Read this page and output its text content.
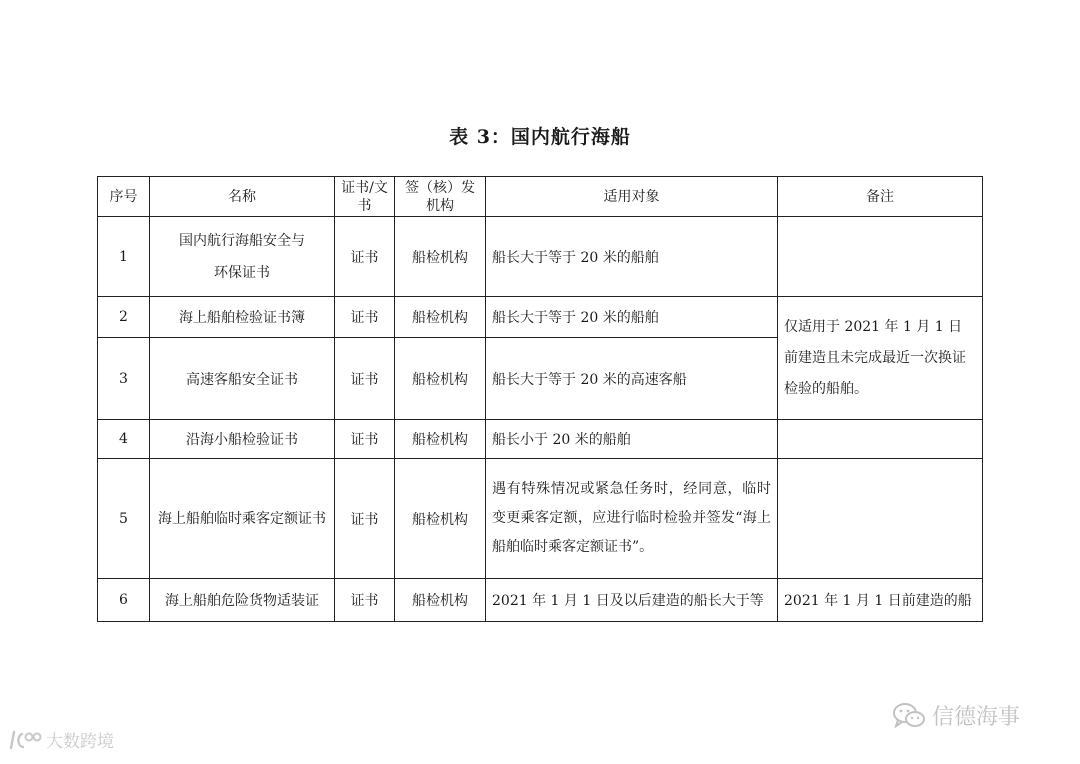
表 3：国内航行海船
序号	名称	证书/文书	签（核）发机构	适用对象	备注
1	国内航行海船安全与环保证书	证书	船检机构	船长大于等于 20 米的船舶	
2	海上船舶检验证书簿	证书	船检机构	船长大于等于 20 米的船舶	仅适用于 2021 年 1 月 1 日前建造且未完成最近一次换证检验的船舶。
3	高速客船安全证书	证书	船检机构	船长大于等于 20 米的高速客船	
4	沿海小船检验证书	证书	船检机构	船长小于 20 米的船舶	
5	海上船舶临时乘客定额证书	证书	船检机构	遇有特殊情况或紧急任务时，经同意，临时变更乘客定额，应进行临时检验并签发“海上船舶临时乘客定额证书”。	
6	海上船舶危险货物适装证	证书	船检机构	2021 年 1 月 1 日及以后建造的船长大于等	2021 年 1 月 1 日前建造的船
大数跨境
信德海事
